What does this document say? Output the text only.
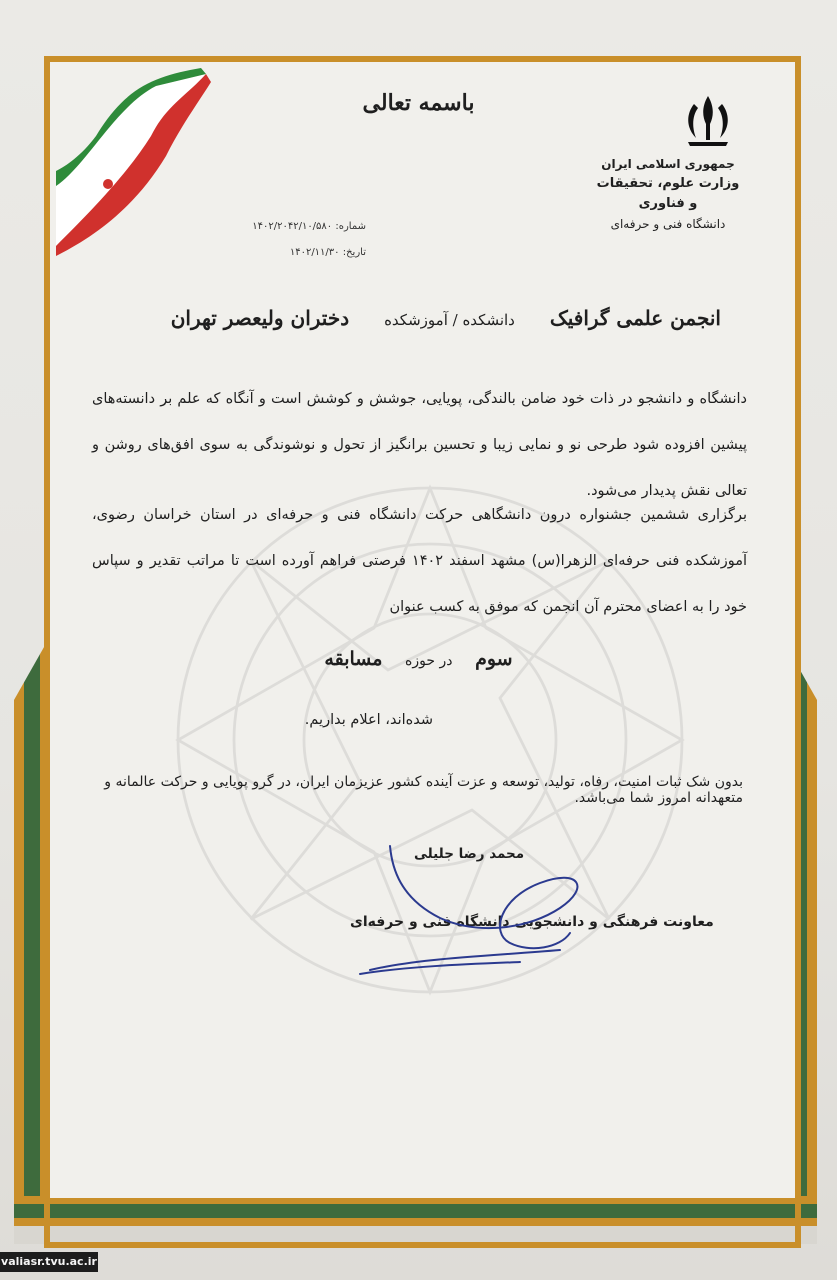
باسمه تعالی
جمهوری اسلامی ایران
وزارت علوم، تحقیقات و فناوری
دانشگاه فنی و حرفه‌ای
شماره: ۱۴۰۲/۲۰۴۲/۱۰/۵۸۰
تاریخ: ۱۴۰۲/۱۱/۳۰
انجمن علمی گرافیک دانشکده / آموزشکده دختران ولیعصر تهران
دانشگاه و دانشجو در ذات خود ضامن بالندگی، پویایی، جوشش و کوشش است و آنگاه که علم بر دانسته‌های پیشین افزوده شود طرحی نو و نمایی زیبا و تحسین برانگیز از تحول و نوشوندگی به سوی افق‌های روشن و تعالی نقش پدیدار می‌شود.
برگزاری ششمین جشنواره درون دانشگاهی حرکت دانشگاه فنی و حرفه‌ای در استان خراسان رضوی، آموزشکده فنی حرفه‌ای الزهرا(س) مشهد اسفند ۱۴۰۲ فرصتی فراهم آورده است تا مراتب تقدیر و سپاس خود را به اعضای محترم آن انجمن که موفق به کسب عنوان
سوم در حوزه مسابقه
شده‌اند، اعلام بداریم.
بدون شک ثبات امنیت، رفاه، تولید، توسعه و عزت آینده کشور عزیزمان ایران، در گرو پویایی و حرکت عالمانه و متعهدانه امروز شما می‌باشد.
محمد رضا جلیلی
معاونت فرهنگی و دانشجویی دانشگاه فنی و حرفه‌ای
valiasr.tvu.ac.ir
